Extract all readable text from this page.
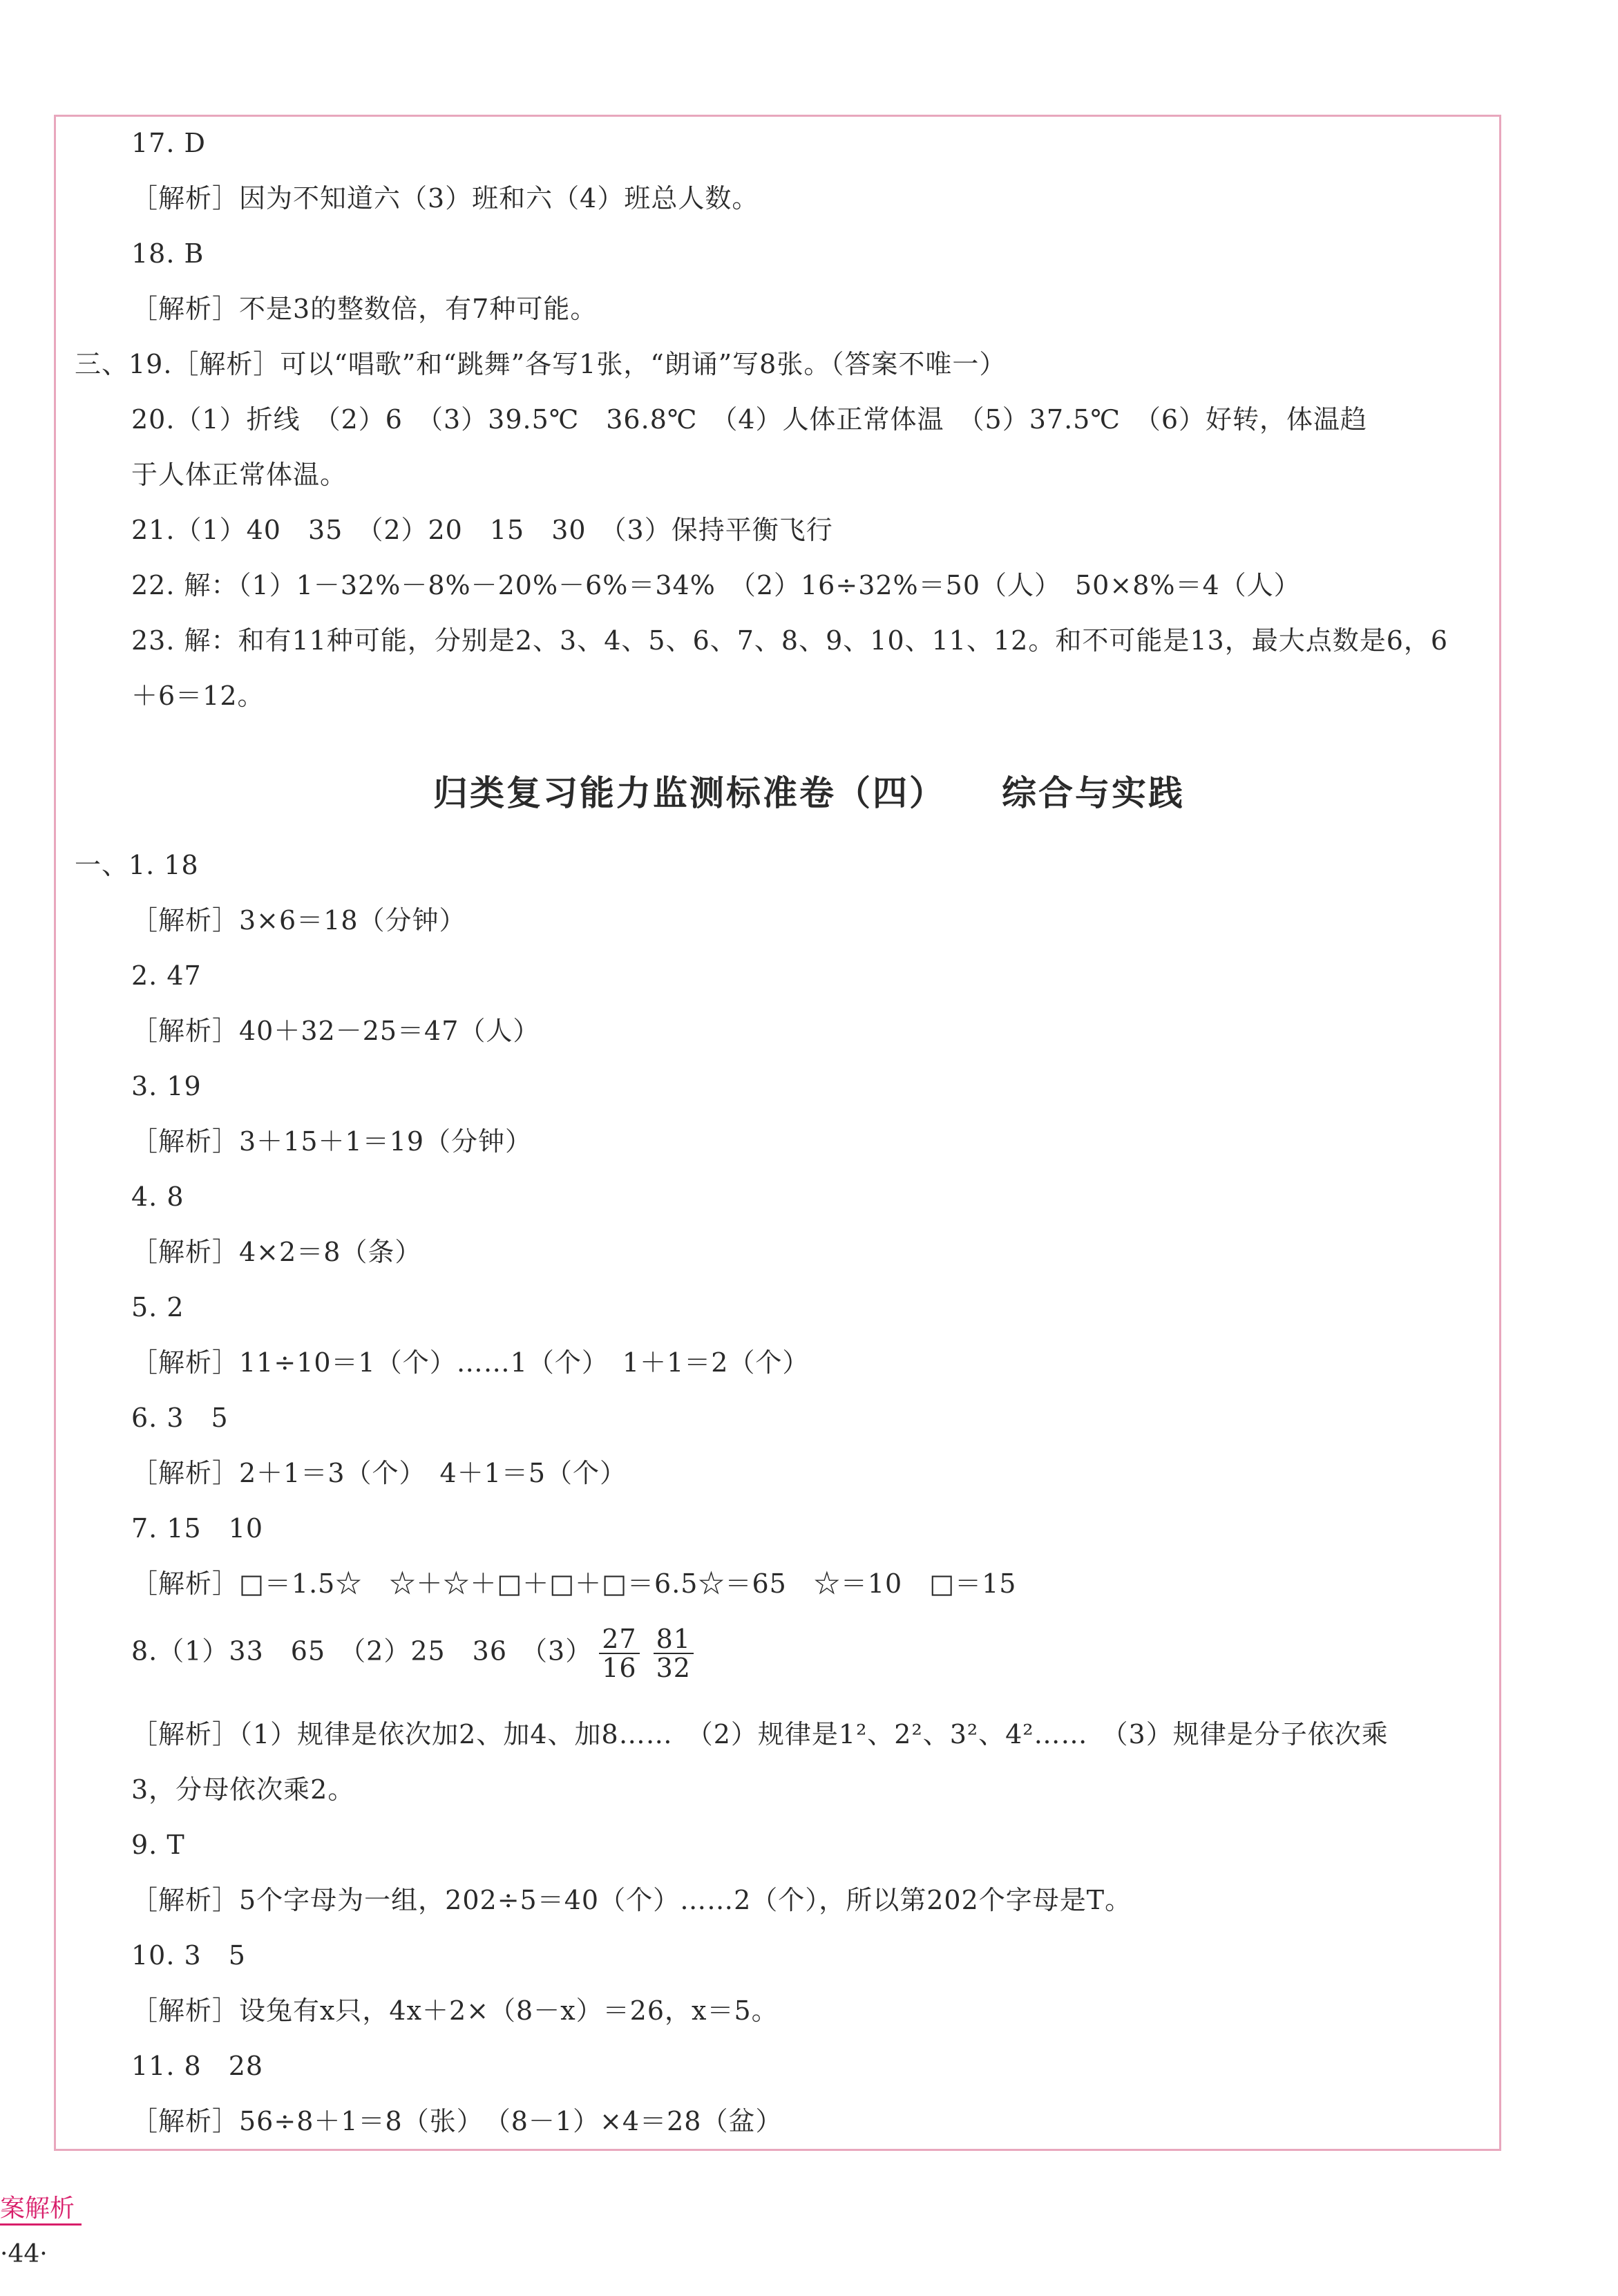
17. D
［解析］因为不知道六（3）班和六（4）班总人数。
18. B
［解析］不是3的整数倍，有7种可能。
三、19.［解析］可以“唱歌”和“跳舞”各写1张，“朗诵”写8张。（答案不唯一）
20.（1）折线　（2）6　（3）39.5℃　36.8℃　（4）人体正常体温　（5）37.5℃　（6）好转，体温趋
于人体正常体温。
21.（1）40　35　（2）20　15　30　（3）保持平衡飞行
22. 解：（1）1－32%－8%－20%－6%＝34%　（2）16÷32%＝50（人）　50×8%＝4（人）
23. 解：和有11种可能，分别是2、3、4、5、6、7、8、9、10、11、12。和不可能是13，最大点数是6，6
＋6＝12。
归类复习能力监测标准卷（四）　　综合与实践
一、1. 18
［解析］3×6＝18（分钟）
2. 47
［解析］40＋32－25＝47（人）
3. 19
［解析］3＋15＋1＝19（分钟）
4. 8
［解析］4×2＝8（条）
5. 2
［解析］11÷10＝1（个）……1（个）　1＋1＝2（个）
6. 3　5
［解析］2＋1＝3（个）　4＋1＝5（个）
7. 15　10
［解析］□＝1.5☆　☆＋☆＋□＋□＋□＝6.5☆＝65　☆＝10　□＝15
8.（1）33　65　（2）25　36　$(3) \frac{27}{16} \frac{81}{32}$
［解析］（1）规律是依次加2、加4、加8……　（2）规律是1²、2²、3²、4²……　（3）规律是分子依次乘
3，分母依次乘2。
9. T
［解析］5个字母为一组，202÷5＝40（个）……2（个），所以第202个字母是T。
10. 3　5
［解析］设兔有x只，4x＋2×（8－x）＝26，x＝5。
11. 8　28
［解析］56÷8＋1＝8（张）　（8－1）×4＝28（盆）
案解析
·44·
